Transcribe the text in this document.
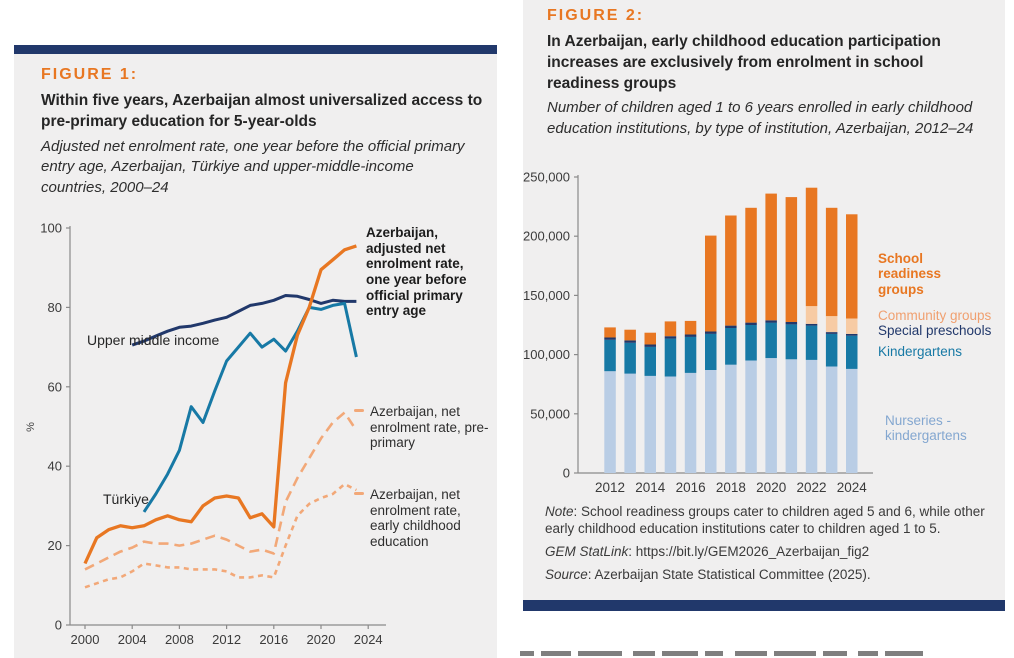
FIGURE 1:
Within five years, Azerbaijan almost universalized access to pre-primary education for 5-year-olds

Adjusted net enrolment rate, one year before the official primary entry age, Azerbaijan, Türkiye and upper-middle-income countries, 2000–24

0
20
40
60
80
100
2000 2004 2008 2012 2016 2020 2024
%
Upper middle income
Türkiye
Azerbaijan, adjusted net enrolment rate, one year before official primary entry age
Azerbaijan, net enrolment rate, pre-primary
Azerbaijan, net enrolment rate, early childhood education
FIGURE 2:
In Azerbaijan, early childhood education participation increases are exclusively from enrolment in school readiness groups

Number of children aged 1 to 6 years enrolled in early childhood education institutions, by type of institution, Azerbaijan, 2012–24

0
50,000
100,000
150,000
200,000
250,000
2012 2014 2016 2018 2020 2022 2024
School readiness groups
Community groups
Special preschools
Kindergartens
Nurseries -kindergartens

Note: School readiness groups cater to children aged 5 and 6, while other early childhood education institutions cater to children aged 1 to 5.

GEM StatLink: https://bit.ly/GEM2026_Azerbaijan_fig2

Source: Azerbaijan State Statistical Committee (2025).
